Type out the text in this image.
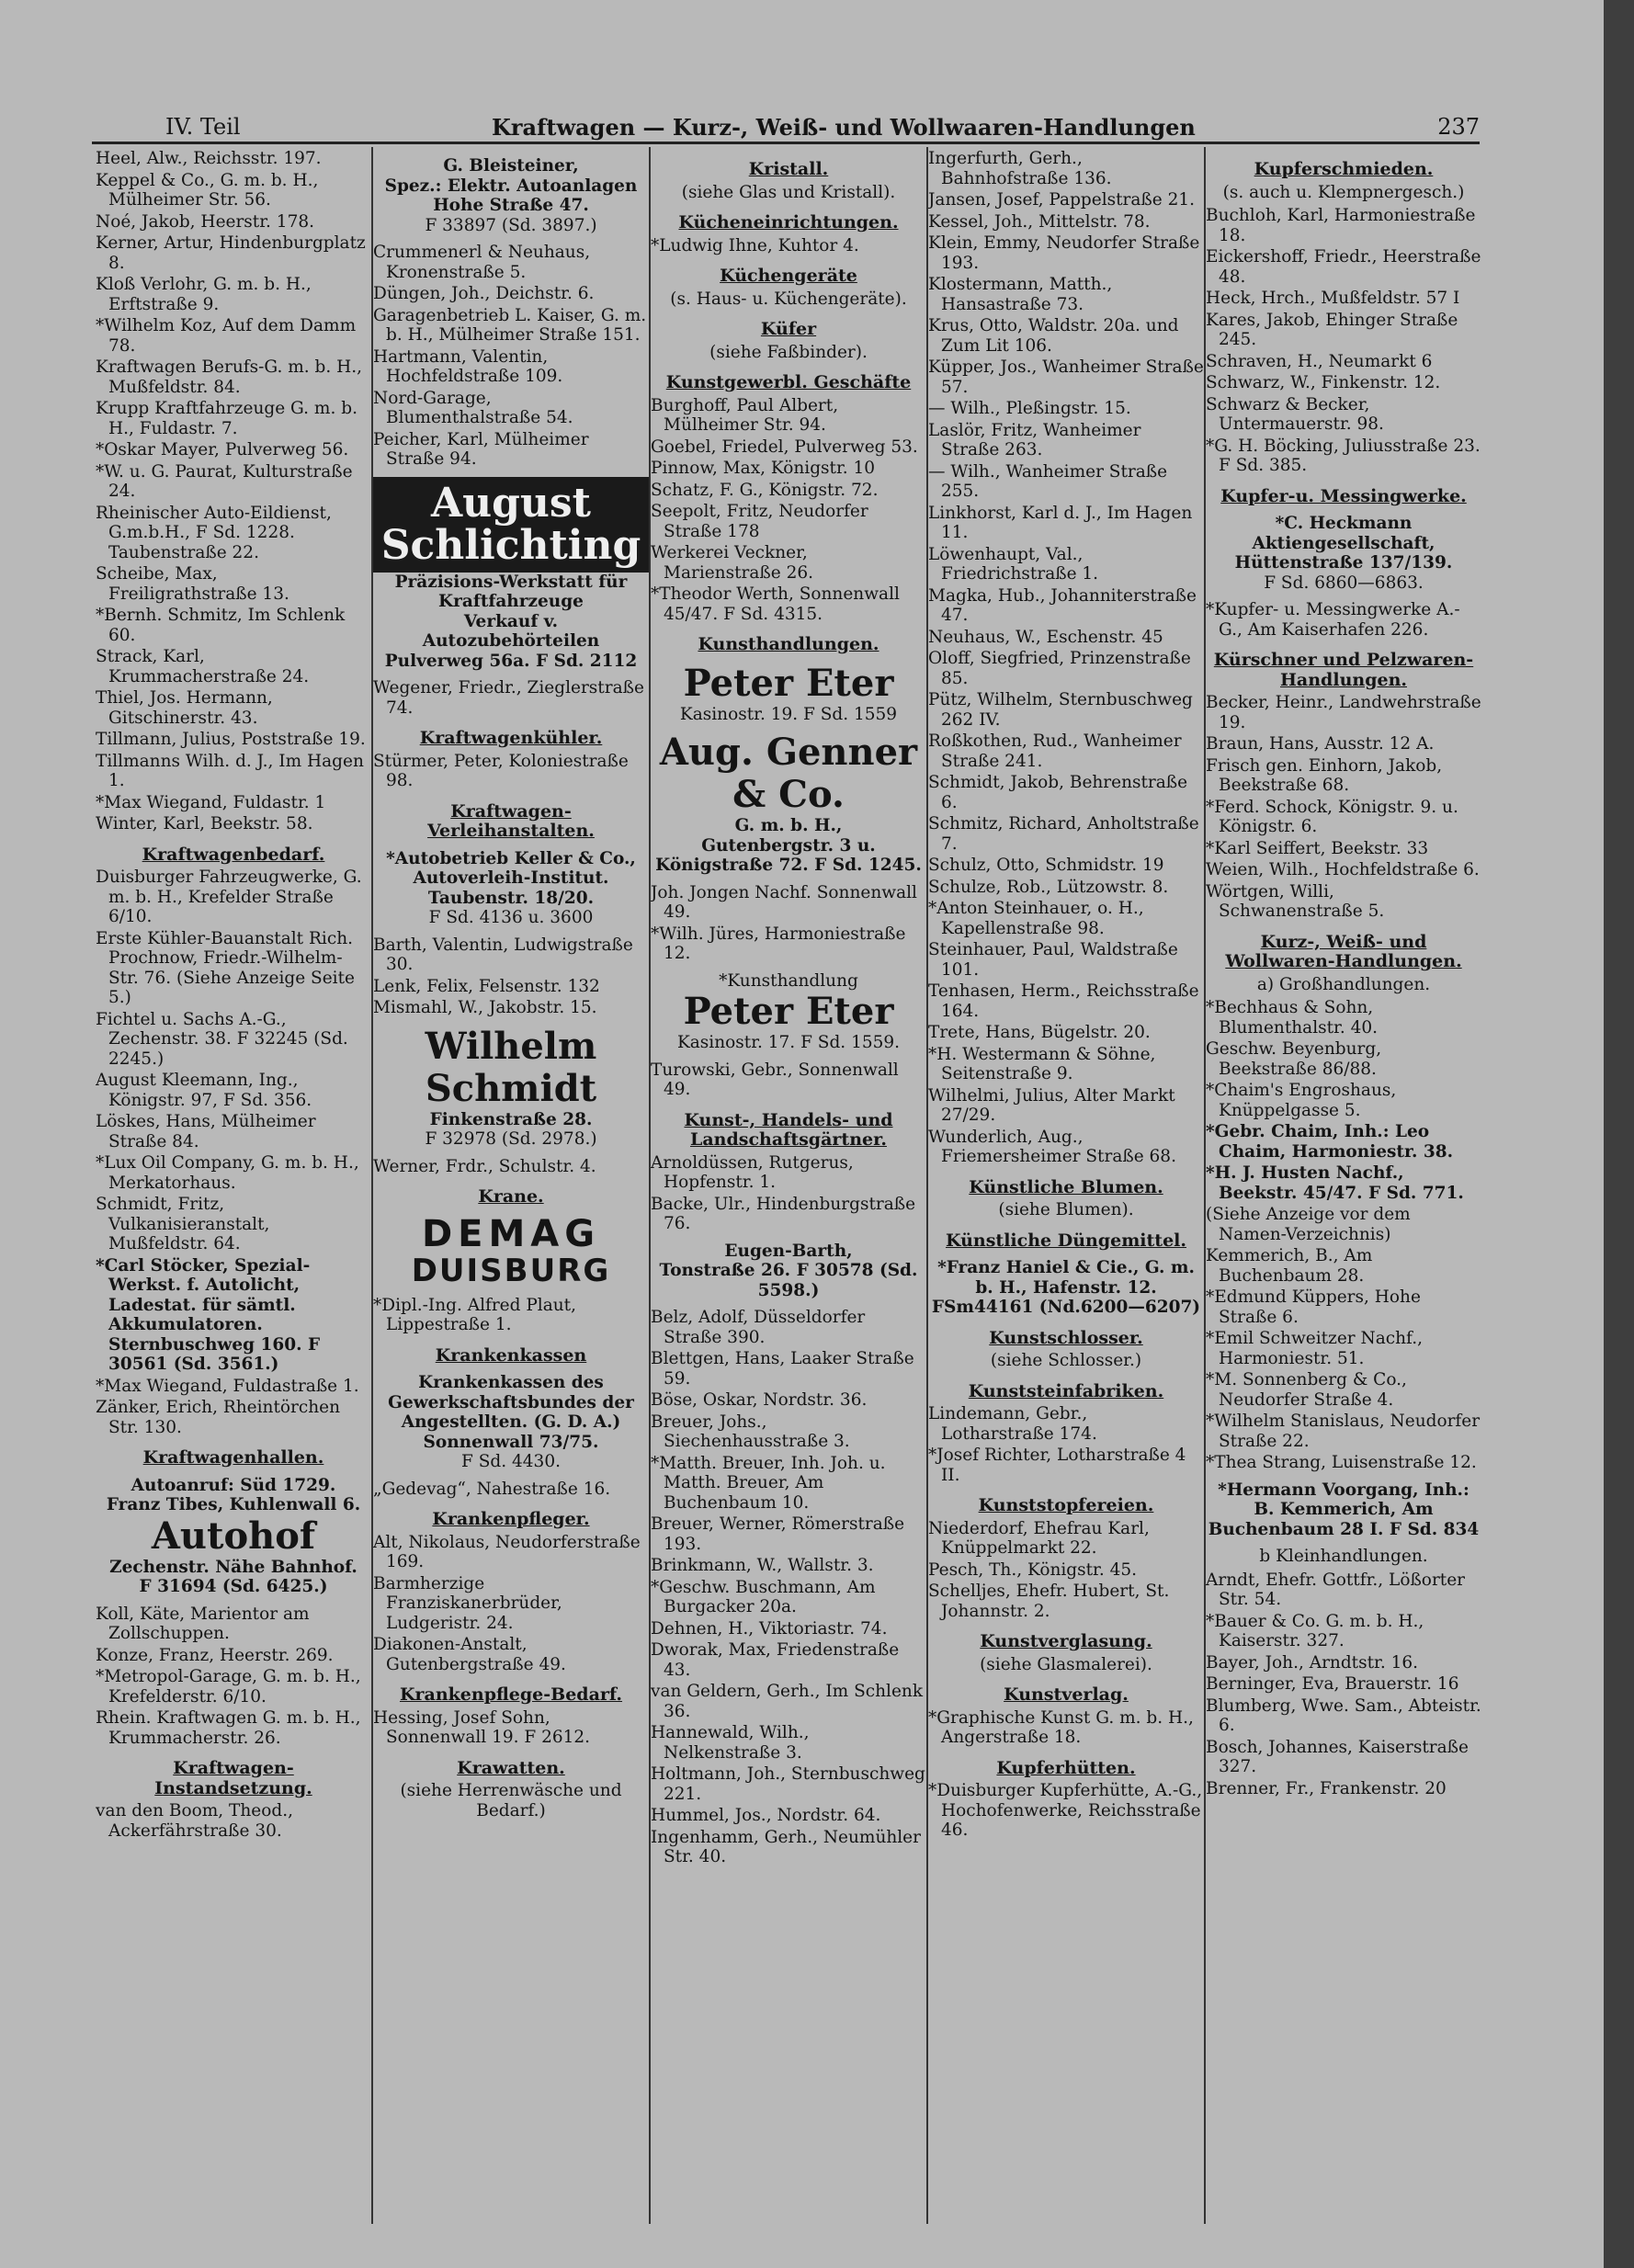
IV. Teil	Kraftwagen — Kurz-, Weiß- und Wollwaaren-Handlungen	237
Heel, Alw., Reichsstr. 197.
Keppel & Co., G. m. b. H., Mülheimer Str. 56.
Noé, Jakob, Heerstr. 178.
Kerner, Artur, Hindenburgplatz 8.
Kloß Verlohr, G. m. b. H., Erftstraße 9.
*Wilhelm Koz, Auf dem Damm 78.
Kraftwagen Berufs-G. m. b. H., Mußfeldstr. 84.
Krupp Kraftfahrzeuge G. m. b. H., Fuldastr. 7.
*Oskar Mayer, Pulverweg 56.
*W. u. G. Paurat, Kulturstraße 24.
Rheinischer Auto-Eildienst, G.m.b.H., F Sd. 1228. Taubenstraße 22.
Scheibe, Max, Freiligrathstraße 13.
*Bernh. Schmitz, Im Schlenk 60.
Strack, Karl, Krummacherstraße 24.
Thiel, Jos. Hermann, Gitschinerstr. 43.
Tillmann, Julius, Poststraße 19.
Tillmanns Wilh. d. J., Im Hagen 1.
*Max Wiegand, Fuldastr. 1
Winter, Karl, Beekstr. 58.
Kraftwagenbedarf.
Duisburger Fahrzeugwerke, G. m. b. H., Krefelder Straße 6/10.
Erste Kühler-Bauanstalt Rich. Prochnow, Friedr.-Wilhelm-Str. 76. (Siehe Anzeige Seite 5.)
Fichtel u. Sachs A.-G., Zechenstr. 38. F 32245 (Sd. 2245.)
August Kleemann, Ing., Königstr. 97, F Sd. 356.
Löskes, Hans, Mülheimer Straße 84.
*Lux Oil Company, G. m. b. H., Merkatorhaus.
Schmidt, Fritz, Vulkanisieranstalt, Mußfeldstr. 64.
*Carl Stöcker, Spezial-Werkst. f. Autolicht, Ladestat. für sämtl. Akkumulatoren. Sternbuschweg 160. F 30561 (Sd. 3561.)
*Max Wiegand, Fuldastraße 1.
Zänker, Erich, Rheintörchen Str. 130.
Kraftwagenhallen.
Autoanruf: Süd 1729.
Franz Tibes, Kuhlenwall 6.
Autohof
Zechenstr. Nähe Bahnhof.
F 31694 (Sd. 6425.)
Koll, Käte, Marientor am Zollschuppen.
Konze, Franz, Heerstr. 269.
*Metropol-Garage, G. m. b. H., Krefelderstr. 6/10.
Rhein. Kraftwagen G. m. b. H., Krummacherstr. 26.
Kraftwagen-Instandsetzung.
van den Boom, Theod., Ackerfährstraße 30.
G. Bleisteiner,
Spez.: Elektr. Autoanlagen
Hohe Straße 47.
F 33897 (Sd. 3897.)
Crummenerl & Neuhaus, Kronenstraße 5.
Düngen, Joh., Deichstr. 6.
Garagenbetrieb L. Kaiser, G. m. b. H., Mülheimer Straße 151.
Hartmann, Valentin, Hochfeldstraße 109.
Nord-Garage, Blumenthalstraße 54.
Peicher, Karl, Mülheimer Straße 94.
August Schlichting
Präzisions-Werkstatt für Kraftfahrzeuge
Verkauf v. Autozubehörteilen
Pulverweg 56a. F Sd. 2112
Wegener, Friedr., Zieglerstraße 74.
Kraftwagenkühler.
Stürmer, Peter, Koloniestraße 98.
Kraftwagen-Verleihanstalten.
*Autobetrieb Keller & Co., Autoverleih-Institut. Taubenstr. 18/20.
F Sd. 4136 u. 3600
Barth, Valentin, Ludwigstraße 30.
Lenk, Felix, Felsenstr. 132
Mismahl, W., Jakobstr. 15.
Wilhelm Schmidt
Finkenstraße 28.
F 32978 (Sd. 2978.)
Werner, Frdr., Schulstr. 4.
Krane.
DEMAG
DUISBURG
*Dipl.-Ing. Alfred Plaut, Lippestraße 1.
Krankenkassen
Krankenkassen des Gewerkschaftsbundes der Angestellten. (G. D. A.) Sonnenwall 73/75.
F Sd. 4430.
„Gedevag“, Nahestraße 16.
Krankenpfleger.
Alt, Nikolaus, Neudorferstraße 169.
Barmherzige Franziskanerbrüder, Ludgeristr. 24.
Diakonen-Anstalt, Gutenbergstraße 49.
Krankenpflege-Bedarf.
Hessing, Josef Sohn, Sonnenwall 19. F 2612.
Krawatten.
(siehe Herrenwäsche und Bedarf.)
Kristall.
(siehe Glas und Kristall).
Kücheneinrichtungen.
*Ludwig Ihne, Kuhtor 4.
Küchengeräte
(s. Haus- u. Küchengeräte).
Küfer
(siehe Faßbinder).
Kunstgewerbl. Geschäfte
Burghoff, Paul Albert, Mülheimer Str. 94.
Goebel, Friedel, Pulverweg 53.
Pinnow, Max, Königstr. 10
Schatz, F. G., Königstr. 72.
Seepolt, Fritz, Neudorfer Straße 178
Werkerei Veckner, Marienstraße 26.
*Theodor Werth, Sonnenwall 45/47. F Sd. 4315.
Kunsthandlungen.
Peter Eter
Kasinostr. 19. F Sd. 1559
Aug. Genner & Co.
G. m. b. H.,
Gutenbergstr. 3 u. Königstraße 72. F Sd. 1245.
Joh. Jongen Nachf. Sonnenwall 49.
*Wilh. Jüres, Harmoniestraße 12.
*Kunsthandlung
Peter Eter
Kasinostr. 17. F Sd. 1559.
Turowski, Gebr., Sonnenwall 49.
Kunst-, Handels- und Landschaftsgärtner.
Arnoldüssen, Rutgerus, Hopfenstr. 1.
Backe, Ulr., Hindenburgstraße 76.
Eugen-Barth,
Tonstraße 26. F 30578 (Sd. 5598.)
Belz, Adolf, Düsseldorfer Straße 390.
Blettgen, Hans, Laaker Straße 59.
Böse, Oskar, Nordstr. 36.
Breuer, Johs., Siechenhausstraße 3.
*Matth. Breuer, Inh. Joh. u. Matth. Breuer, Am Buchenbaum 10.
Breuer, Werner, Römerstraße 193.
Brinkmann, W., Wallstr. 3.
*Geschw. Buschmann, Am Burgacker 20a.
Dehnen, H., Viktoriastr. 74.
Dworak, Max, Friedenstraße 43.
van Geldern, Gerh., Im Schlenk 36.
Hannewald, Wilh., Nelkenstraße 3.
Holtmann, Joh., Sternbuschweg 221.
Hummel, Jos., Nordstr. 64.
Ingenhamm, Gerh., Neumühler Str. 40.
Ingerfurth, Gerh., Bahnhofstraße 136.
Jansen, Josef, Pappelstraße 21.
Kessel, Joh., Mittelstr. 78.
Klein, Emmy, Neudorfer Straße 193.
Klostermann, Matth., Hansastraße 73.
Krus, Otto, Waldstr. 20a. und Zum Lit 106.
Küpper, Jos., Wanheimer Straße 57.
— Wilh., Pleßingstr. 15.
Laslör, Fritz, Wanheimer Straße 263.
— Wilh., Wanheimer Straße 255.
Linkhorst, Karl d. J., Im Hagen 11.
Löwenhaupt, Val., Friedrichstraße 1.
Magka, Hub., Johanniterstraße 47.
Neuhaus, W., Eschenstr. 45
Oloff, Siegfried, Prinzenstraße 85.
Pütz, Wilhelm, Sternbuschweg 262 IV.
Roßkothen, Rud., Wanheimer Straße 241.
Schmidt, Jakob, Behrenstraße 6.
Schmitz, Richard, Anholtstraße 7.
Schulz, Otto, Schmidstr. 19
Schulze, Rob., Lützowstr. 8.
*Anton Steinhauer, o. H., Kapellenstraße 98.
Steinhauer, Paul, Waldstraße 101.
Tenhasen, Herm., Reichsstraße 164.
Trete, Hans, Bügelstr. 20.
*H. Westermann & Söhne, Seitenstraße 9.
Wilhelmi, Julius, Alter Markt 27/29.
Wunderlich, Aug., Friemersheimer Straße 68.
Künstliche Blumen.
(siehe Blumen).
Künstliche Düngemittel.
*Franz Haniel & Cie., G. m. b. H., Hafenstr. 12. FSm44161 (Nd.6200—6207)
Kunstschlosser.
(siehe Schlosser.)
Kunststeinfabriken.
Lindemann, Gebr., Lotharstraße 174.
*Josef Richter, Lotharstraße 4 II.
Kunststopfereien.
Niederdorf, Ehefrau Karl, Knüppelmarkt 22.
Pesch, Th., Königstr. 45.
Schelljes, Ehefr. Hubert, St. Johannstr. 2.
Kunstverglasung.
(siehe Glasmalerei).
Kunstverlag.
*Graphische Kunst G. m. b. H., Angerstraße 18.
Kupferhütten.
*Duisburger Kupferhütte, A.-G., Hochofenwerke, Reichsstraße 46.
Kupferschmieden.
(s. auch u. Klempnergesch.)
Buchloh, Karl, Harmoniestraße 18.
Eickershoff, Friedr., Heerstraße 48.
Heck, Hrch., Mußfeldstr. 57 I
Kares, Jakob, Ehinger Straße 245.
Schraven, H., Neumarkt 6
Schwarz, W., Finkenstr. 12.
Schwarz & Becker, Untermauerstr. 98.
*G. H. Böcking, Juliusstraße 23. F Sd. 385.
Kupfer-u. Messingwerke.
*C. Heckmann Aktiengesellschaft, Hüttenstraße 137/139.
F Sd. 6860—6863.
*Kupfer- u. Messingwerke A.-G., Am Kaiserhafen 226.
Kürschner und Pelzwaren-Handlungen.
Becker, Heinr., Landwehrstraße 19.
Braun, Hans, Ausstr. 12 A.
Frisch gen. Einhorn, Jakob, Beekstraße 68.
*Ferd. Schock, Königstr. 9. u. Königstr. 6.
*Karl Seiffert, Beekstr. 33
Weien, Wilh., Hochfeldstraße 6.
Wörtgen, Willi, Schwanenstraße 5.
Kurz-, Weiß- und Wollwaren-Handlungen.
a) Großhandlungen.
*Bechhaus & Sohn, Blumenthalstr. 40.
Geschw. Beyenburg, Beekstraße 86/88.
*Chaim's Engroshaus, Knüppelgasse 5.
*Gebr. Chaim, Inh.: Leo Chaim, Harmoniestr. 38.
*H. J. Husten Nachf., Beekstr. 45/47. F Sd. 771.
(Siehe Anzeige vor dem Namen-Verzeichnis)
Kemmerich, B., Am Buchenbaum 28.
*Edmund Küppers, Hohe Straße 6.
*Emil Schweitzer Nachf., Harmoniestr. 51.
*M. Sonnenberg & Co., Neudorfer Straße 4.
*Wilhelm Stanislaus, Neudorfer Straße 22.
*Thea Strang, Luisenstraße 12.
*Hermann Voorgang, Inh.: B. Kemmerich, Am Buchenbaum 28 I. F Sd. 834
b Kleinhandlungen.
Arndt, Ehefr. Gottfr., Lößorter Str. 54.
*Bauer & Co. G. m. b. H., Kaiserstr. 327.
Bayer, Joh., Arndtstr. 16.
Berninger, Eva, Brauerstr. 16
Blumberg, Wwe. Sam., Abteistr. 6.
Bosch, Johannes, Kaiserstraße 327.
Brenner, Fr., Frankenstr. 20
